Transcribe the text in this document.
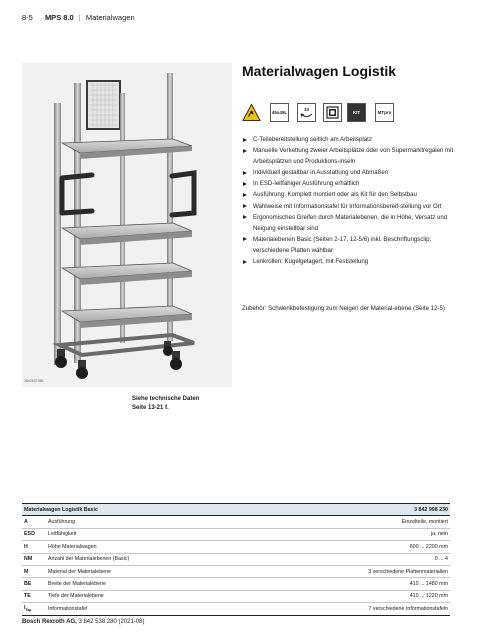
8-5 MPS 8.0 | Materialwagen
3842537988
Siehe technische Daten
Seite 13-21 f.
Materialwagen Logistik
45x45L
10
KIT	MTpro
C-Teilebereitstellung seitlich am Arbeitsplatz
Manuelle Verkettung zweier Arbeitsplätze oder von Supermarktregalen mit Arbeitsplätzen und Produktions-inseln
Individuell gestaltbar in Ausstattung und Abmaßen
In ESD-leitfähiger Ausführung erhältlich
Ausführung: Komplett montiert oder als Kit für den Selbstbau
Wahlweise mit Informationstafel für Informationsbereit-stellung vor Ort
Ergonomisches Greifen durch Materialebenen, die in Höhe, Versatz und Neigung einstellbar sind
Materialebenen Basic (Seiten 2-17, 12-5/6) inkl. Beschriftungsclip; verschiedene Platten wählbar
Lenkrollen: Kugelgelagert, mit Feststellung
Zubehör: Schwenkbefestigung zum Neigen der Material-ebene (Seite 12-5)
Materialwagen Logistik Basic		3 842 998 230
A	Ausführung	Einzelteile, montiert
ESD	Leitfähigkeit	ja, nein
H	Höhe Materialwagen	600 ... 2200 mm
NM	Anzahl der Materialebenen (Basic)	0 ... 4
M	Material der Materialebene	3 verschiedene Plattenmaterialien
BE	Breite der Materialebene	410 ... 1480 mm
TE	Tiefe der Materialebene	410 ... 1220 mm
$I_{Tap}$	Informationstafel	7 verschiedene Informationstafeln
Bosch Rexroth AG, 3 842 538 280 (2021-08)
